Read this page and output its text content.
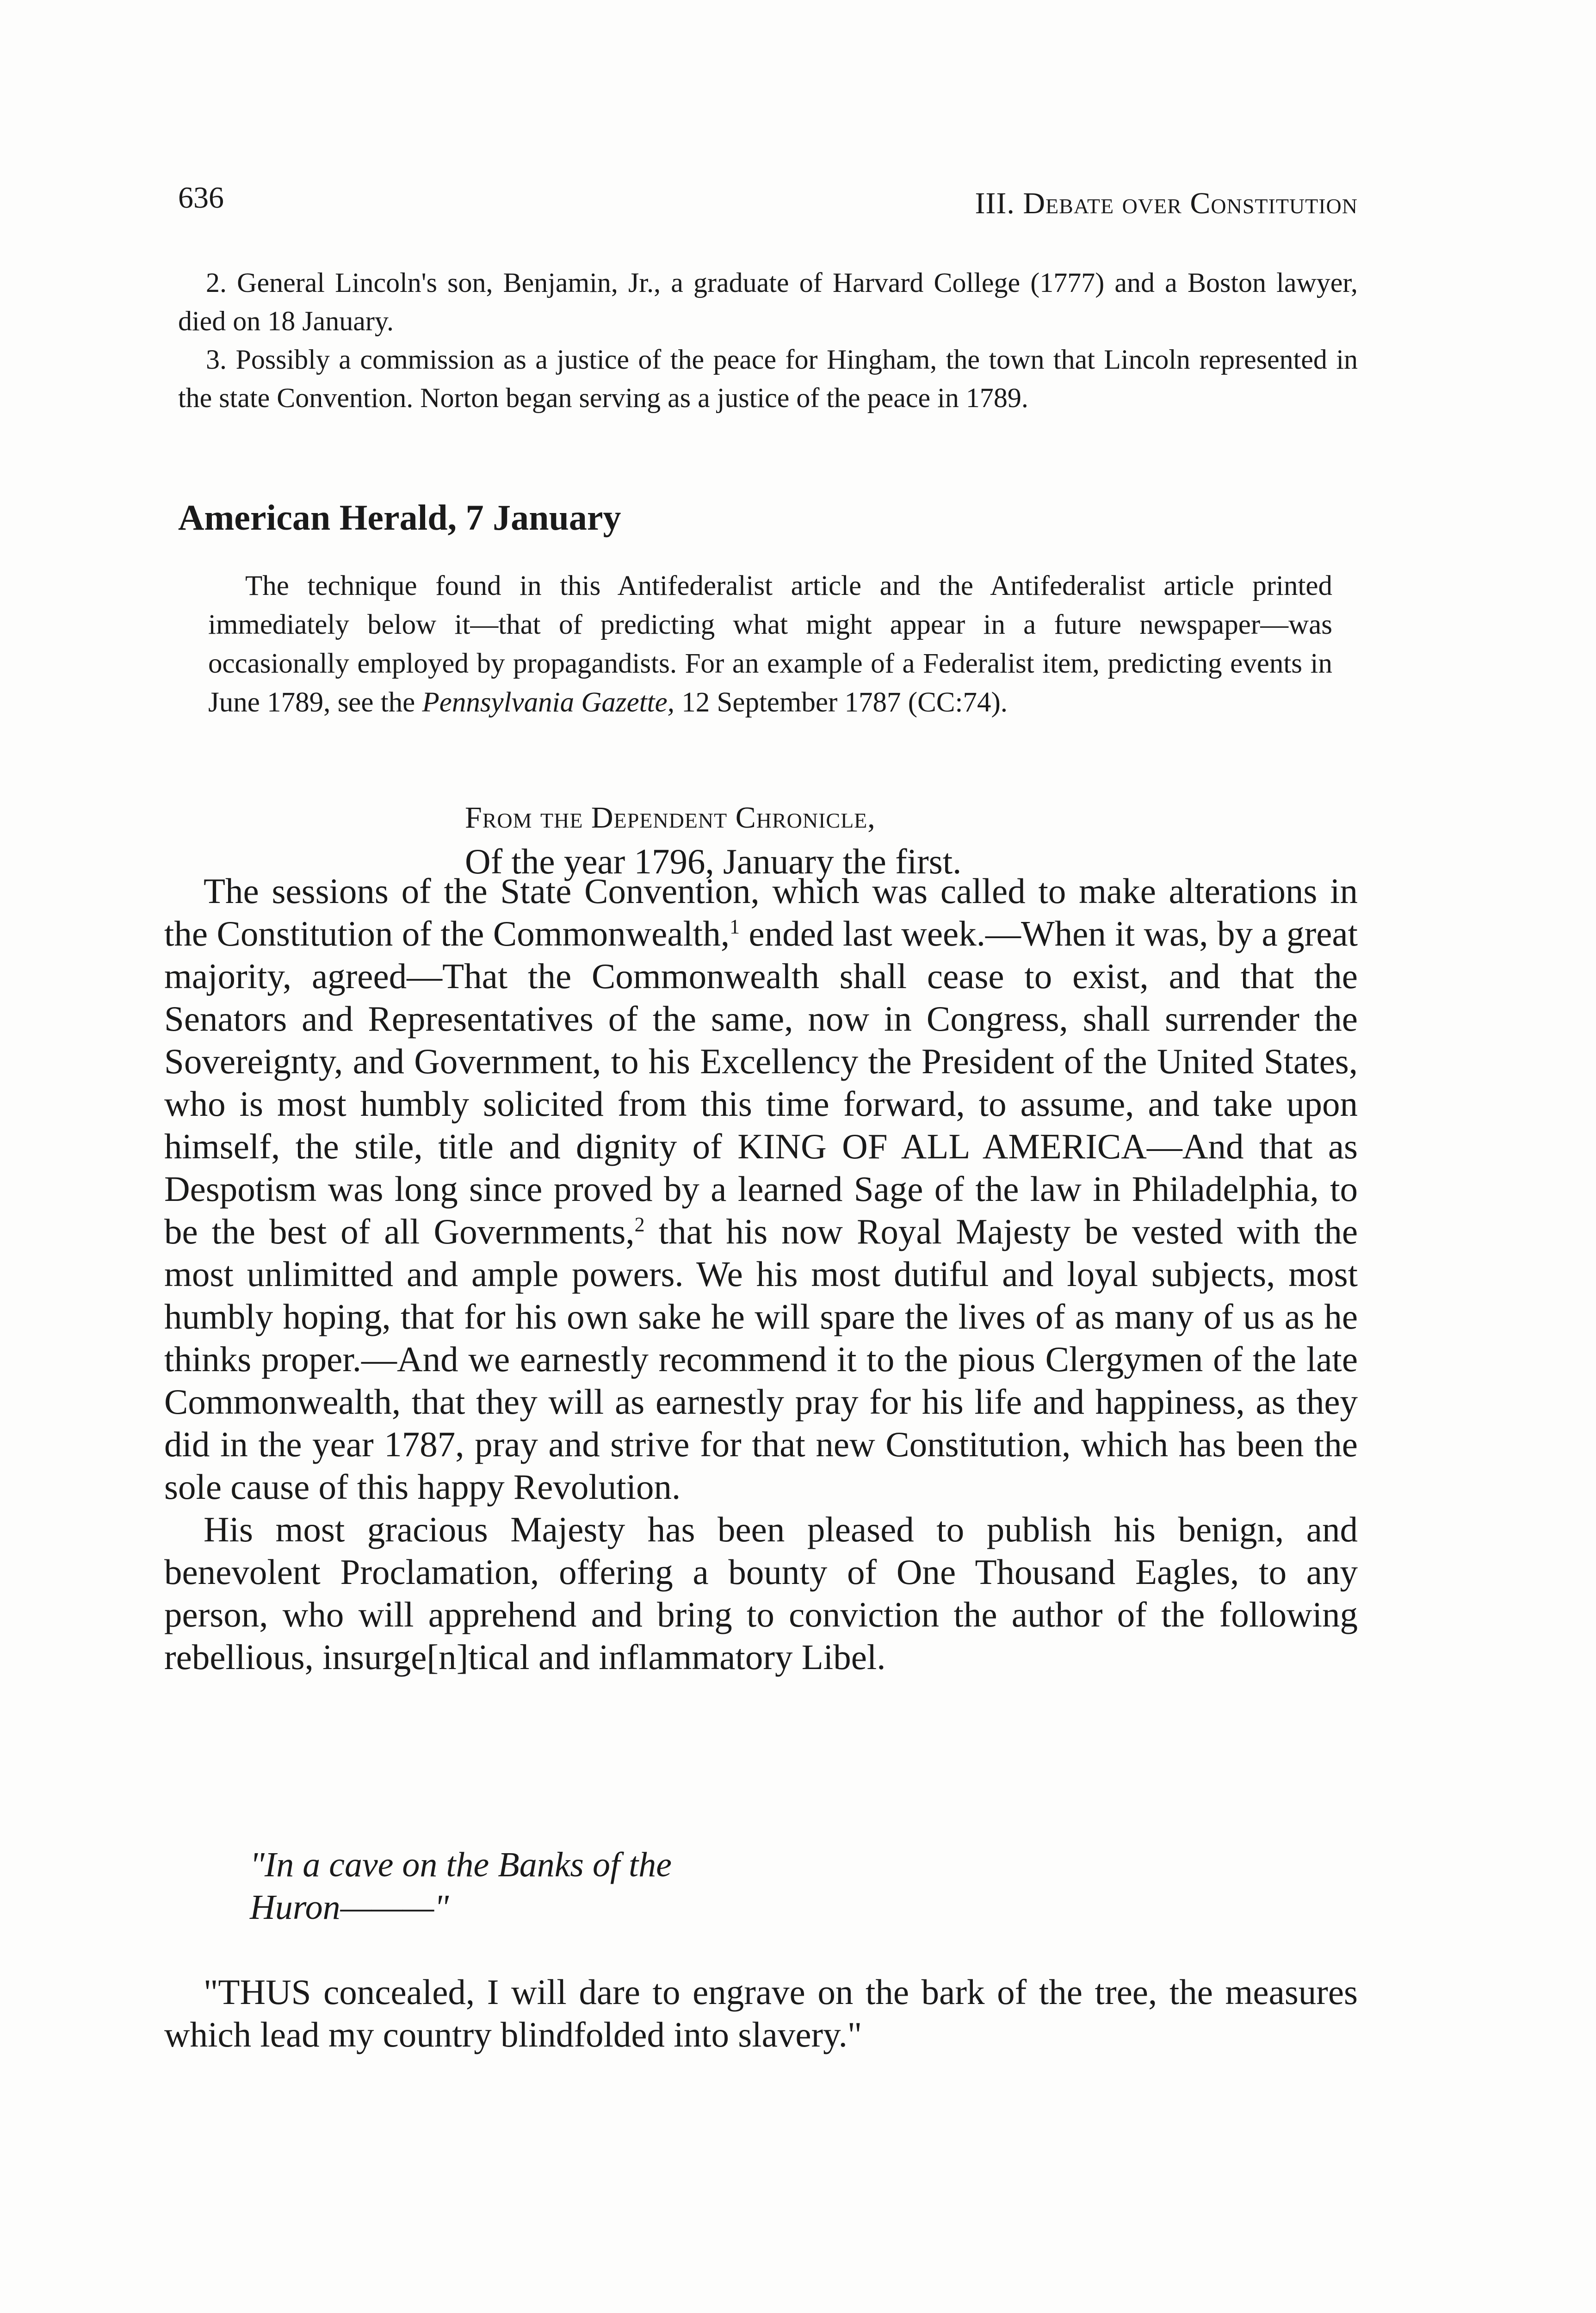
636	III. Debate over Constitution

2. General Lincoln's son, Benjamin, Jr., a graduate of Harvard College (1777) and a Boston lawyer, died on 18 January.

3. Possibly a commission as a justice of the peace for Hingham, the town that Lincoln represented in the state Convention. Norton began serving as a justice of the peace in 1789.

American Herald, 7 January

The technique found in this Antifederalist article and the Antifederalist article printed immediately below it—that of predicting what might appear in a future newspaper—was occasionally employed by propagandists. For an example of a Federalist item, predicting events in June 1789, see the Pennsylvania Gazette, 12 September 1787 (CC:74).

From the Dependent Chronicle,
Of the year 1796, January the first.

The sessions of the State Convention, which was called to make alterations in the Constitution of the Commonwealth,$^1$ ended last week.—When it was, by a great majority, agreed—That the Commonwealth shall cease to exist, and that the Senators and Representatives of the same, now in Congress, shall surrender the Sovereignty, and Government, to his Excellency the President of the United States, who is most humbly solicited from this time forward, to assume, and take upon himself, the stile, title and dignity of KING OF ALL AMERICA—And that as Despotism was long since proved by a learned Sage of the law in Philadelphia, to be the best of all Governments,$^2$ that his now Royal Majesty be vested with the most unlimitted and ample powers. We his most dutiful and loyal subjects, most humbly hoping, that for his own sake he will spare the lives of as many of us as he thinks proper.—And we earnestly recommend it to the pious Clergymen of the late Commonwealth, that they will as earnestly pray for his life and happiness, as they did in the year 1787, pray and strive for that new Constitution, which has been the sole cause of this happy Revolution.

His most gracious Majesty has been pleased to publish his benign, and benevolent Proclamation, offering a bounty of One Thousand Eagles, to any person, who will apprehend and bring to conviction the author of the following rebellious, insurge[n]tical and inflammatory Libel.

"In a cave on the Banks of the
Huron———"

"THUS concealed, I will dare to engrave on the bark of the tree, the measures which lead my country blindfolded into slavery."
